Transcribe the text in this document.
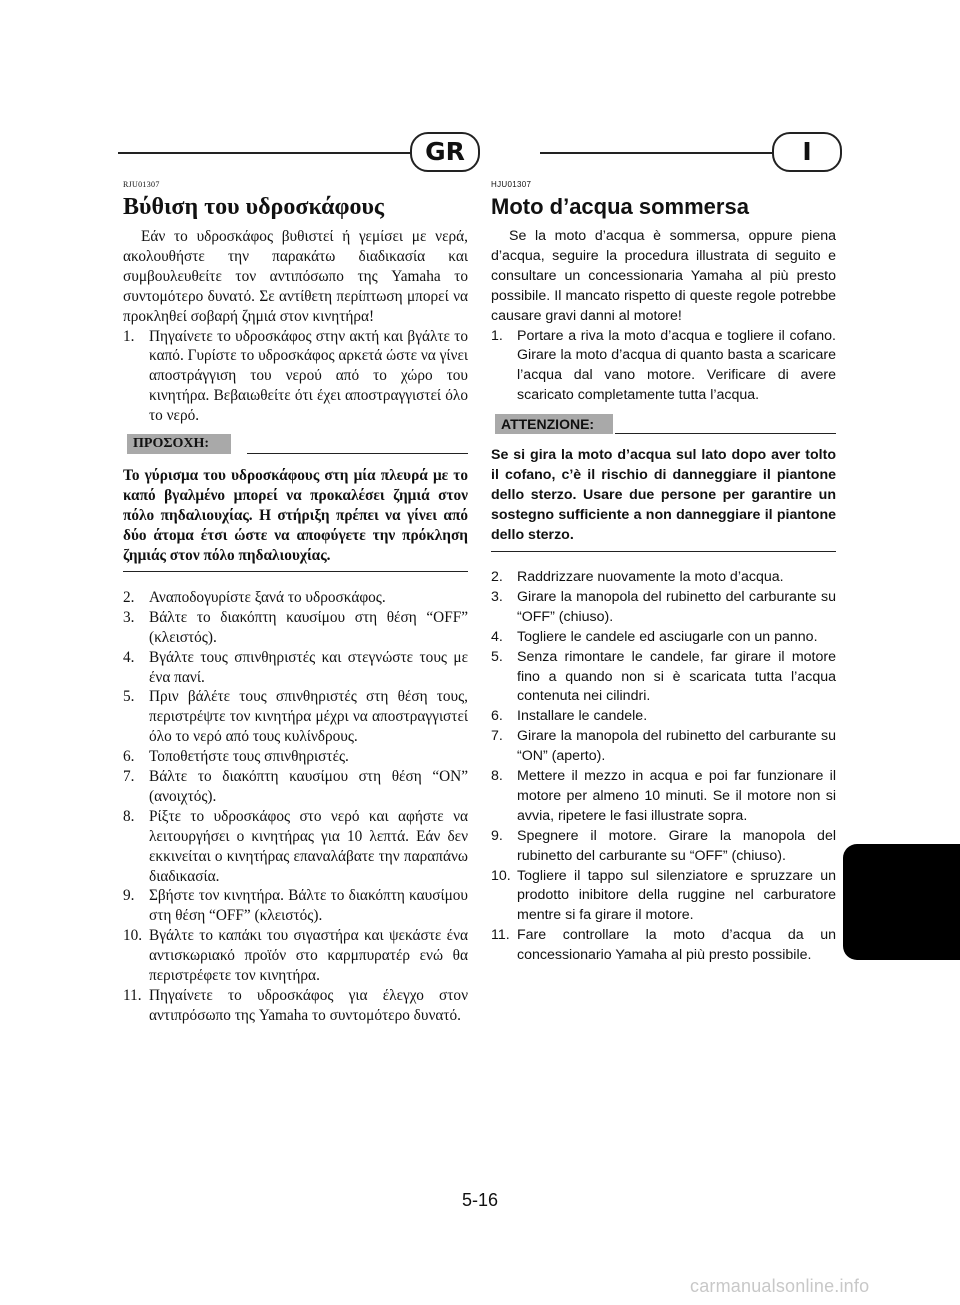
GR	I
RJU01307
Βύθιση του υδροσκάφους

Εάν το υδροσκάφος βυθιστεί ή γεμίσει με νερά, ακολουθήστε την παρακάτω διαδικασία και συμβουλευθείτε τον αντιπόσωπο της Yamaha το συντομότερο δυνατό. Σε αντίθετη περίπτωση μπορεί να προκληθεί σοβαρή ζημιά στον κινητήρα!

1. Πηγαίνετε το υδροσκάφος στην ακτή και βγάλτε το καπό. Γυρίστε το υδροσκάφος αρκετά ώστε να γίνει αποστράγγιση του νερού από το χώρο του κινητήρα. Βεβαιωθείτε ότι έχει αποστραγγιστεί όλο το νερό.
ΠΡΟΣΟΧΗ:

Το γύρισμα του υδροσκάφους στη μία πλευρά με το καπό βγαλμένο μπορεί να προκαλέσει ζημιά στον πόλο πηδαλιουχίας. Η στήριξη πρέπει να γίνει από δύο άτομα έτσι ώστε να αποφύγετε την πρόκληση ζημιάς στον πόλο πηδαλιουχίας.

2. Αναποδογυρίστε ξανά το υδροσκάφος.
3. Βάλτε το διακόπτη καυσίμου στη θέση “OFF” (κλειστός).
4. Βγάλτε τους σπινθηριστές και στεγνώστε τους με ένα πανί.
5. Πριν βάλέτε τους σπινθηριστές στη θέση τους, περιστρέψτε τον κινητήρα μέχρι να αποστραγγιστεί όλο το νερό από τους κυλίνδρους.
6. Τοποθετήστε τους σπινθηριστές.
7. Βάλτε το διακόπτη καυσίμου στη θέση “ON” (ανοιχτός).
8. Ρίξτε το υδροσκάφος στο νερό και αφήστε να λειτουργήσει ο κινητήρας για 10 λεπτά. Εάν δεν εκκινείται ο κινητήρας επαναλάβατε την παραπάνω διαδικασία.
9. Σβήστε τον κινητήρα. Βάλτε το διακόπτη καυσίμου στη θέση “OFF” (κλειστός).
10. Βγάλτε το καπάκι του σιγαστήρα και ψεκάστε ένα αντισκωριακό προϊόν στο καρμπυρατέρ ενώ θα περιστρέφετε τον κινητήρα.
11. Πηγαίνετε το υδροσκάφος για έλεγχο στον αντιπρόσωπο της Yamaha το συντομότερο δυνατό.
HJU01307
Moto d’acqua sommersa

Se la moto d’acqua è sommersa, oppure piena d’acqua, seguire la procedura illustrata di seguito e consultare un concessionaria Yamaha al più presto possibile. Il mancato rispetto di queste regole potrebbe causare gravi danni al motore!

1. Portare a riva la moto d’acqua e togliere il cofano. Girare la moto d’acqua di quanto basta a scaricare l’acqua dal vano motore. Verificare di avere scaricato completamente tutta l’acqua.
ATTENZIONE:

Se si gira la moto d’acqua sul lato dopo aver tolto il cofano, c’è il rischio di danneggiare il piantone dello sterzo. Usare due persone per garantire un sostegno sufficiente a non danneggiare il piantone dello sterzo.

2. Raddrizzare nuovamente la moto d’acqua.
3. Girare la manopola del rubinetto del carburante su “OFF” (chiuso).
4. Togliere le candele ed asciugarle con un panno.
5. Senza rimontare le candele, far girare il motore fino a quando non si è scaricata tutta l’acqua contenuta nei cilindri.
6. Installare le candele.
7. Girare la manopola del rubinetto del carburante su “ON” (aperto).
8. Mettere il mezzo in acqua e poi far funzionare il motore per almeno 10 minuti. Se il motore non si avvia, ripetere le fasi illustrate sopra.
9. Spegnere il motore. Girare la manopola del rubinetto del carburante su “OFF” (chiuso).
10. Togliere il tappo sul silenziatore e spruzzare un prodotto inibitore della ruggine nel carburatore mentre si fa girare il motore.
11. Fare controllare la moto d’acqua da un concessionario Yamaha al più presto possibile.
5-16
carmanualsonline.info
